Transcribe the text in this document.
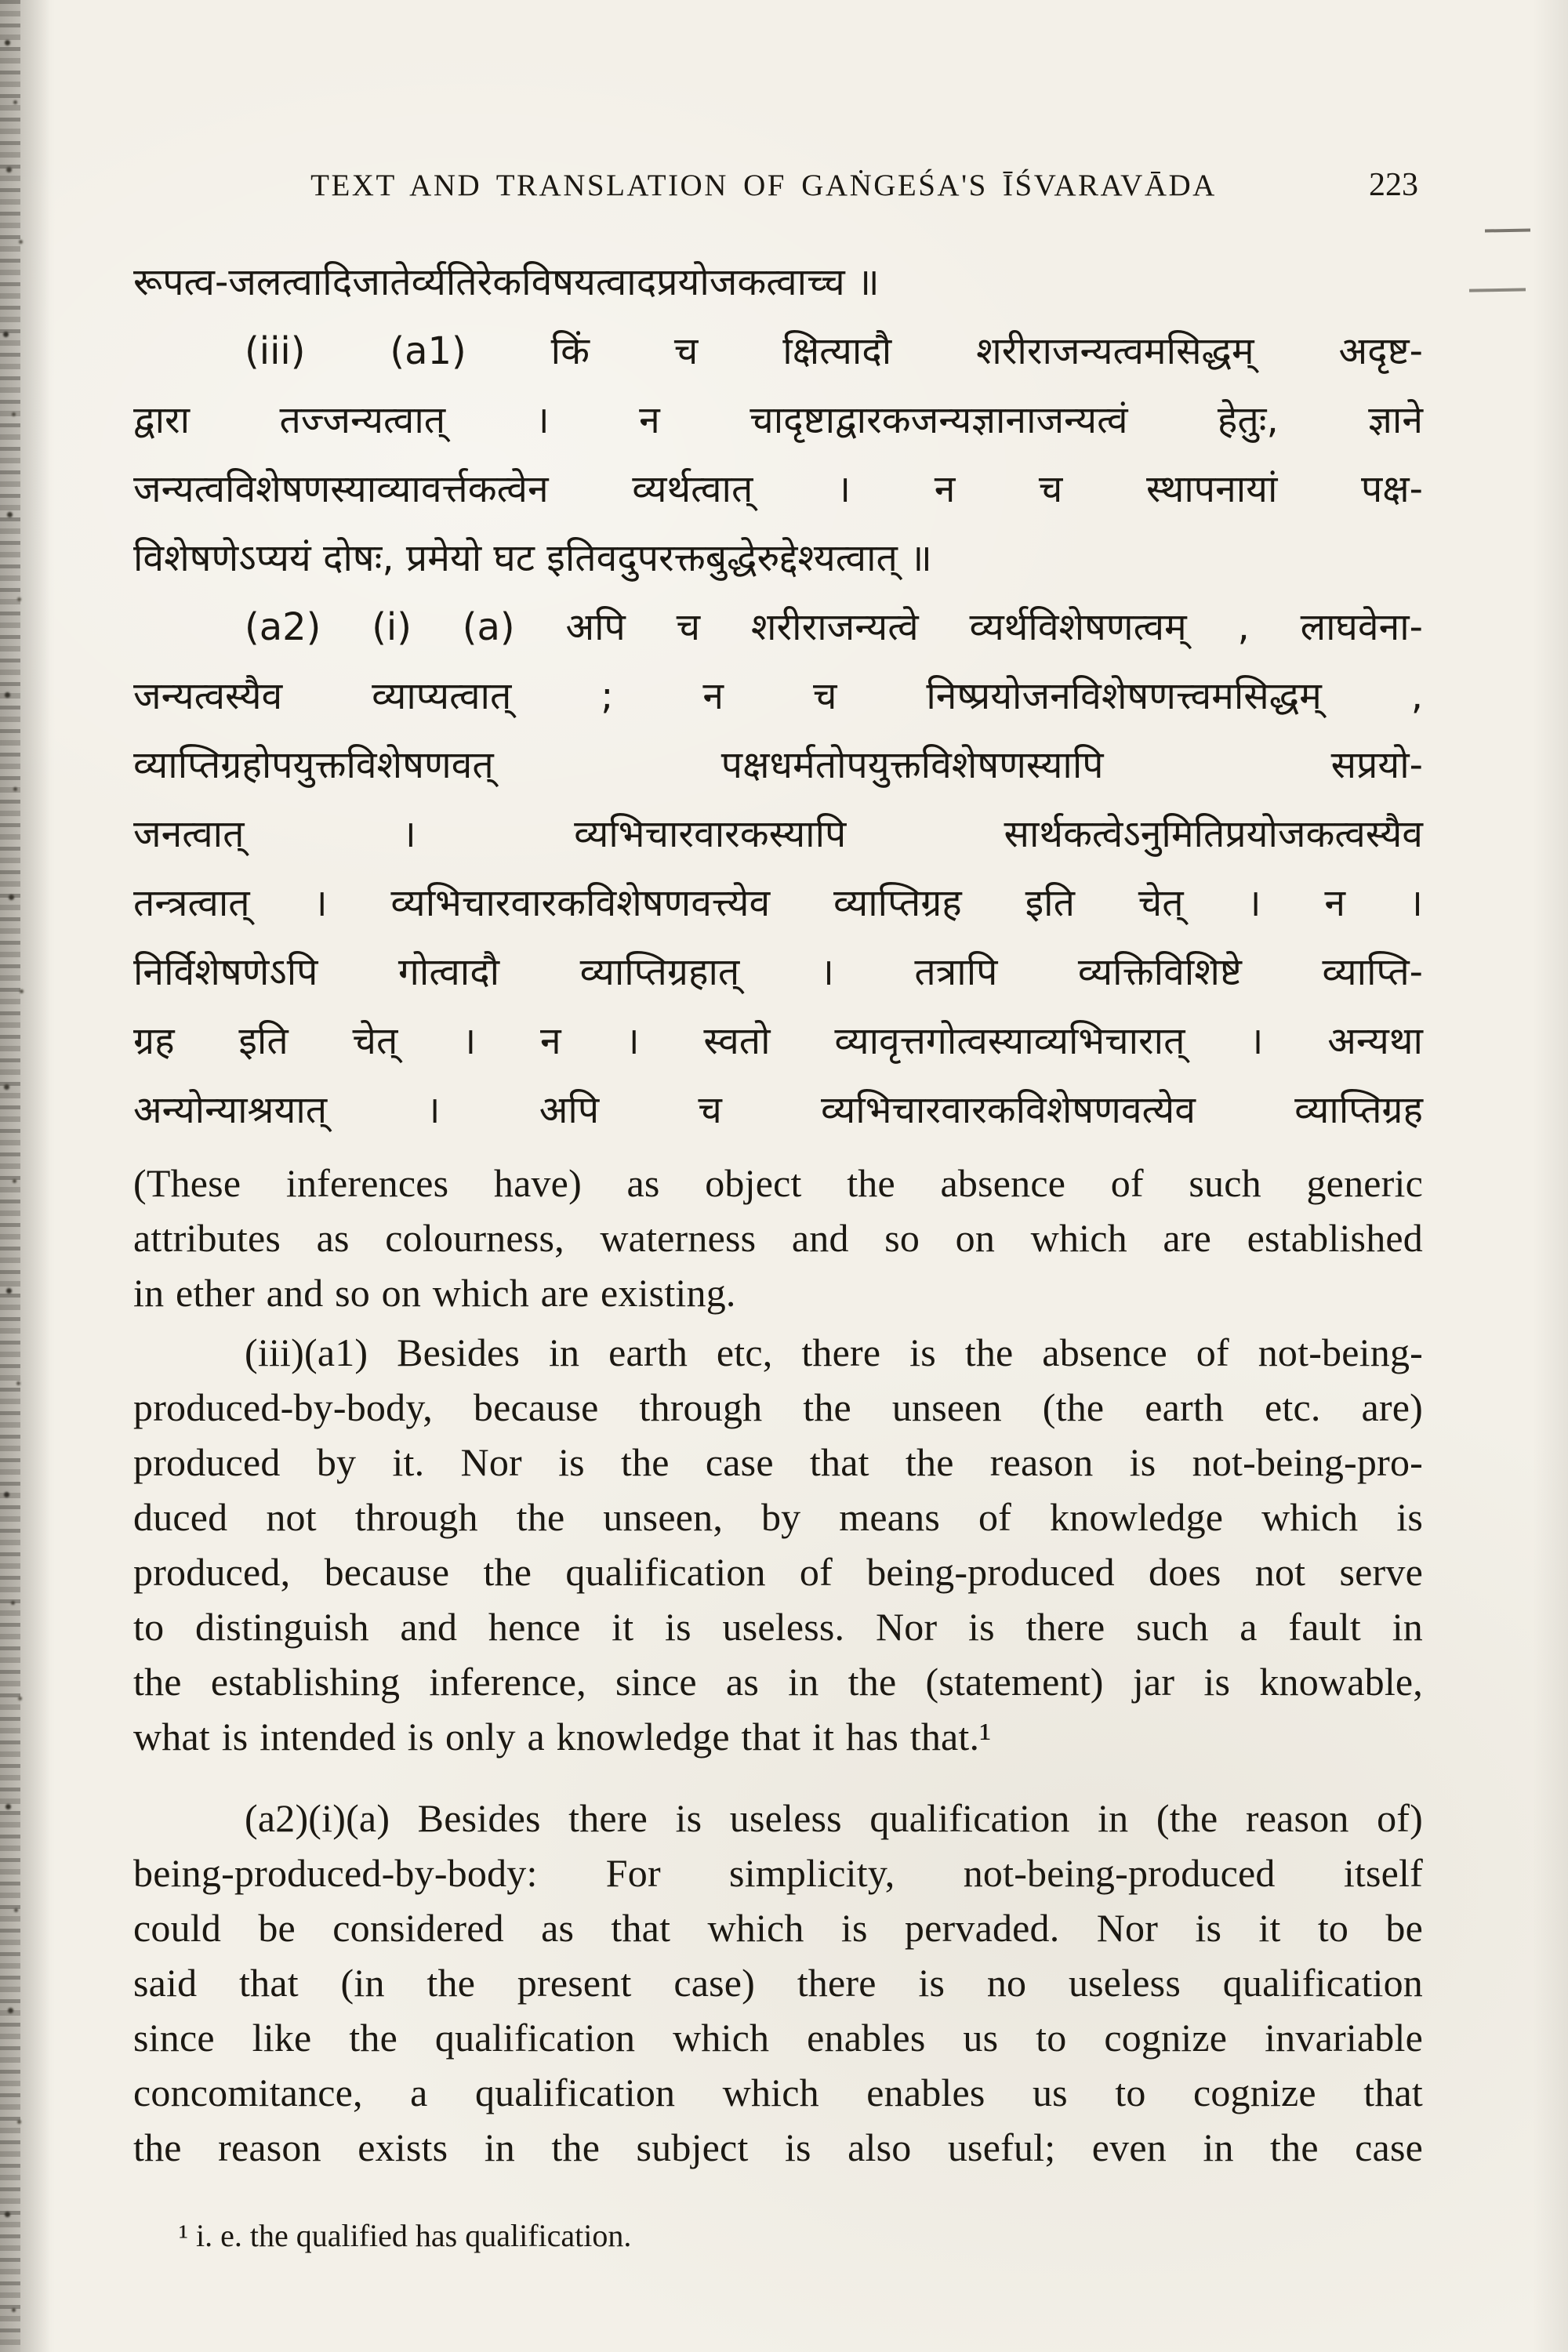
TEXT AND TRANSLATION OF GAṄGEŚA'S ĪŚVARAVĀDA	223
रूपत्व-जलत्वादिजातेर्व्यतिरेकविषयत्वादप्रयोजकत्वाच्च ॥
(iii) (a1) किं च क्षित्यादौ शरीराजन्यत्वमसिद्धम् अदृष्ट-
द्वारा तज्जन्यत्वात् । न चादृष्टाद्वारकजन्यज्ञानाजन्यत्वं हेतुः, ज्ञाने
जन्यत्वविशेषणस्याव्यावर्त्तकत्वेन व्यर्थत्वात् । न च स्थापनायां पक्ष-
विशेषणेऽप्ययं दोषः, प्रमेयो घट इतिवदुपरक्तबुद्धेरुद्देश्यत्वात् ॥
(a2) (i) (a) अपि च शरीराजन्यत्वे व्यर्थविशेषणत्वम् , लाघवेना-
जन्यत्वस्यैव व्याप्यत्वात् ; न च निष्प्रयोजनविशेषणत्त्वमसिद्धम् ,
व्याप्तिग्रहोपयुक्तविशेषणवत् पक्षधर्मतोपयुक्तविशेषणस्यापि सप्रयो-
जनत्वात् । व्यभिचारवारकस्यापि सार्थकत्वेऽनुमितिप्रयोजकत्वस्यैव
तन्त्रत्वात् । व्यभिचारवारकविशेषणवत्त्येव व्याप्तिग्रह इति चेत् । न ।
निर्विशेषणेऽपि गोत्वादौ व्याप्तिग्रहात् । तत्रापि व्यक्तिविशिष्टे व्याप्ति-
ग्रह इति चेत् । न । स्वतो व्यावृत्तगोत्वस्याव्यभिचारात् । अन्यथा
अन्योन्याश्रयात् । अपि च व्यभिचारवारकविशेषणवत्येव व्याप्तिग्रह
(These inferences have) as object the absence of such generic
attributes as colourness, waterness and so on which are established
in ether and so on which are existing.
(iii)(a1) Besides in earth etc, there is the absence of not-being-
produced-by-body, because through the unseen (the earth etc. are)
produced by it. Nor is the case that the reason is not-being-pro-
duced not through the unseen, by means of knowledge which is
produced, because the qualification of being-produced does not serve
to distinguish and hence it is useless. Nor is there such a fault in
the establishing inference, since as in the (statement) jar is knowable,
what is intended is only a knowledge that it has that.¹
(a2)(i)(a) Besides there is useless qualification in (the reason of)
being-produced-by-body: For simplicity, not-being-produced itself
could be considered as that which is pervaded. Nor is it to be
said that (in the present case) there is no useless qualification
since like the qualification which enables us to cognize invariable
concomitance, a qualification which enables us to cognize that
the reason exists in the subject is also useful; even in the case
¹ i. e. the qualified has qualification.
